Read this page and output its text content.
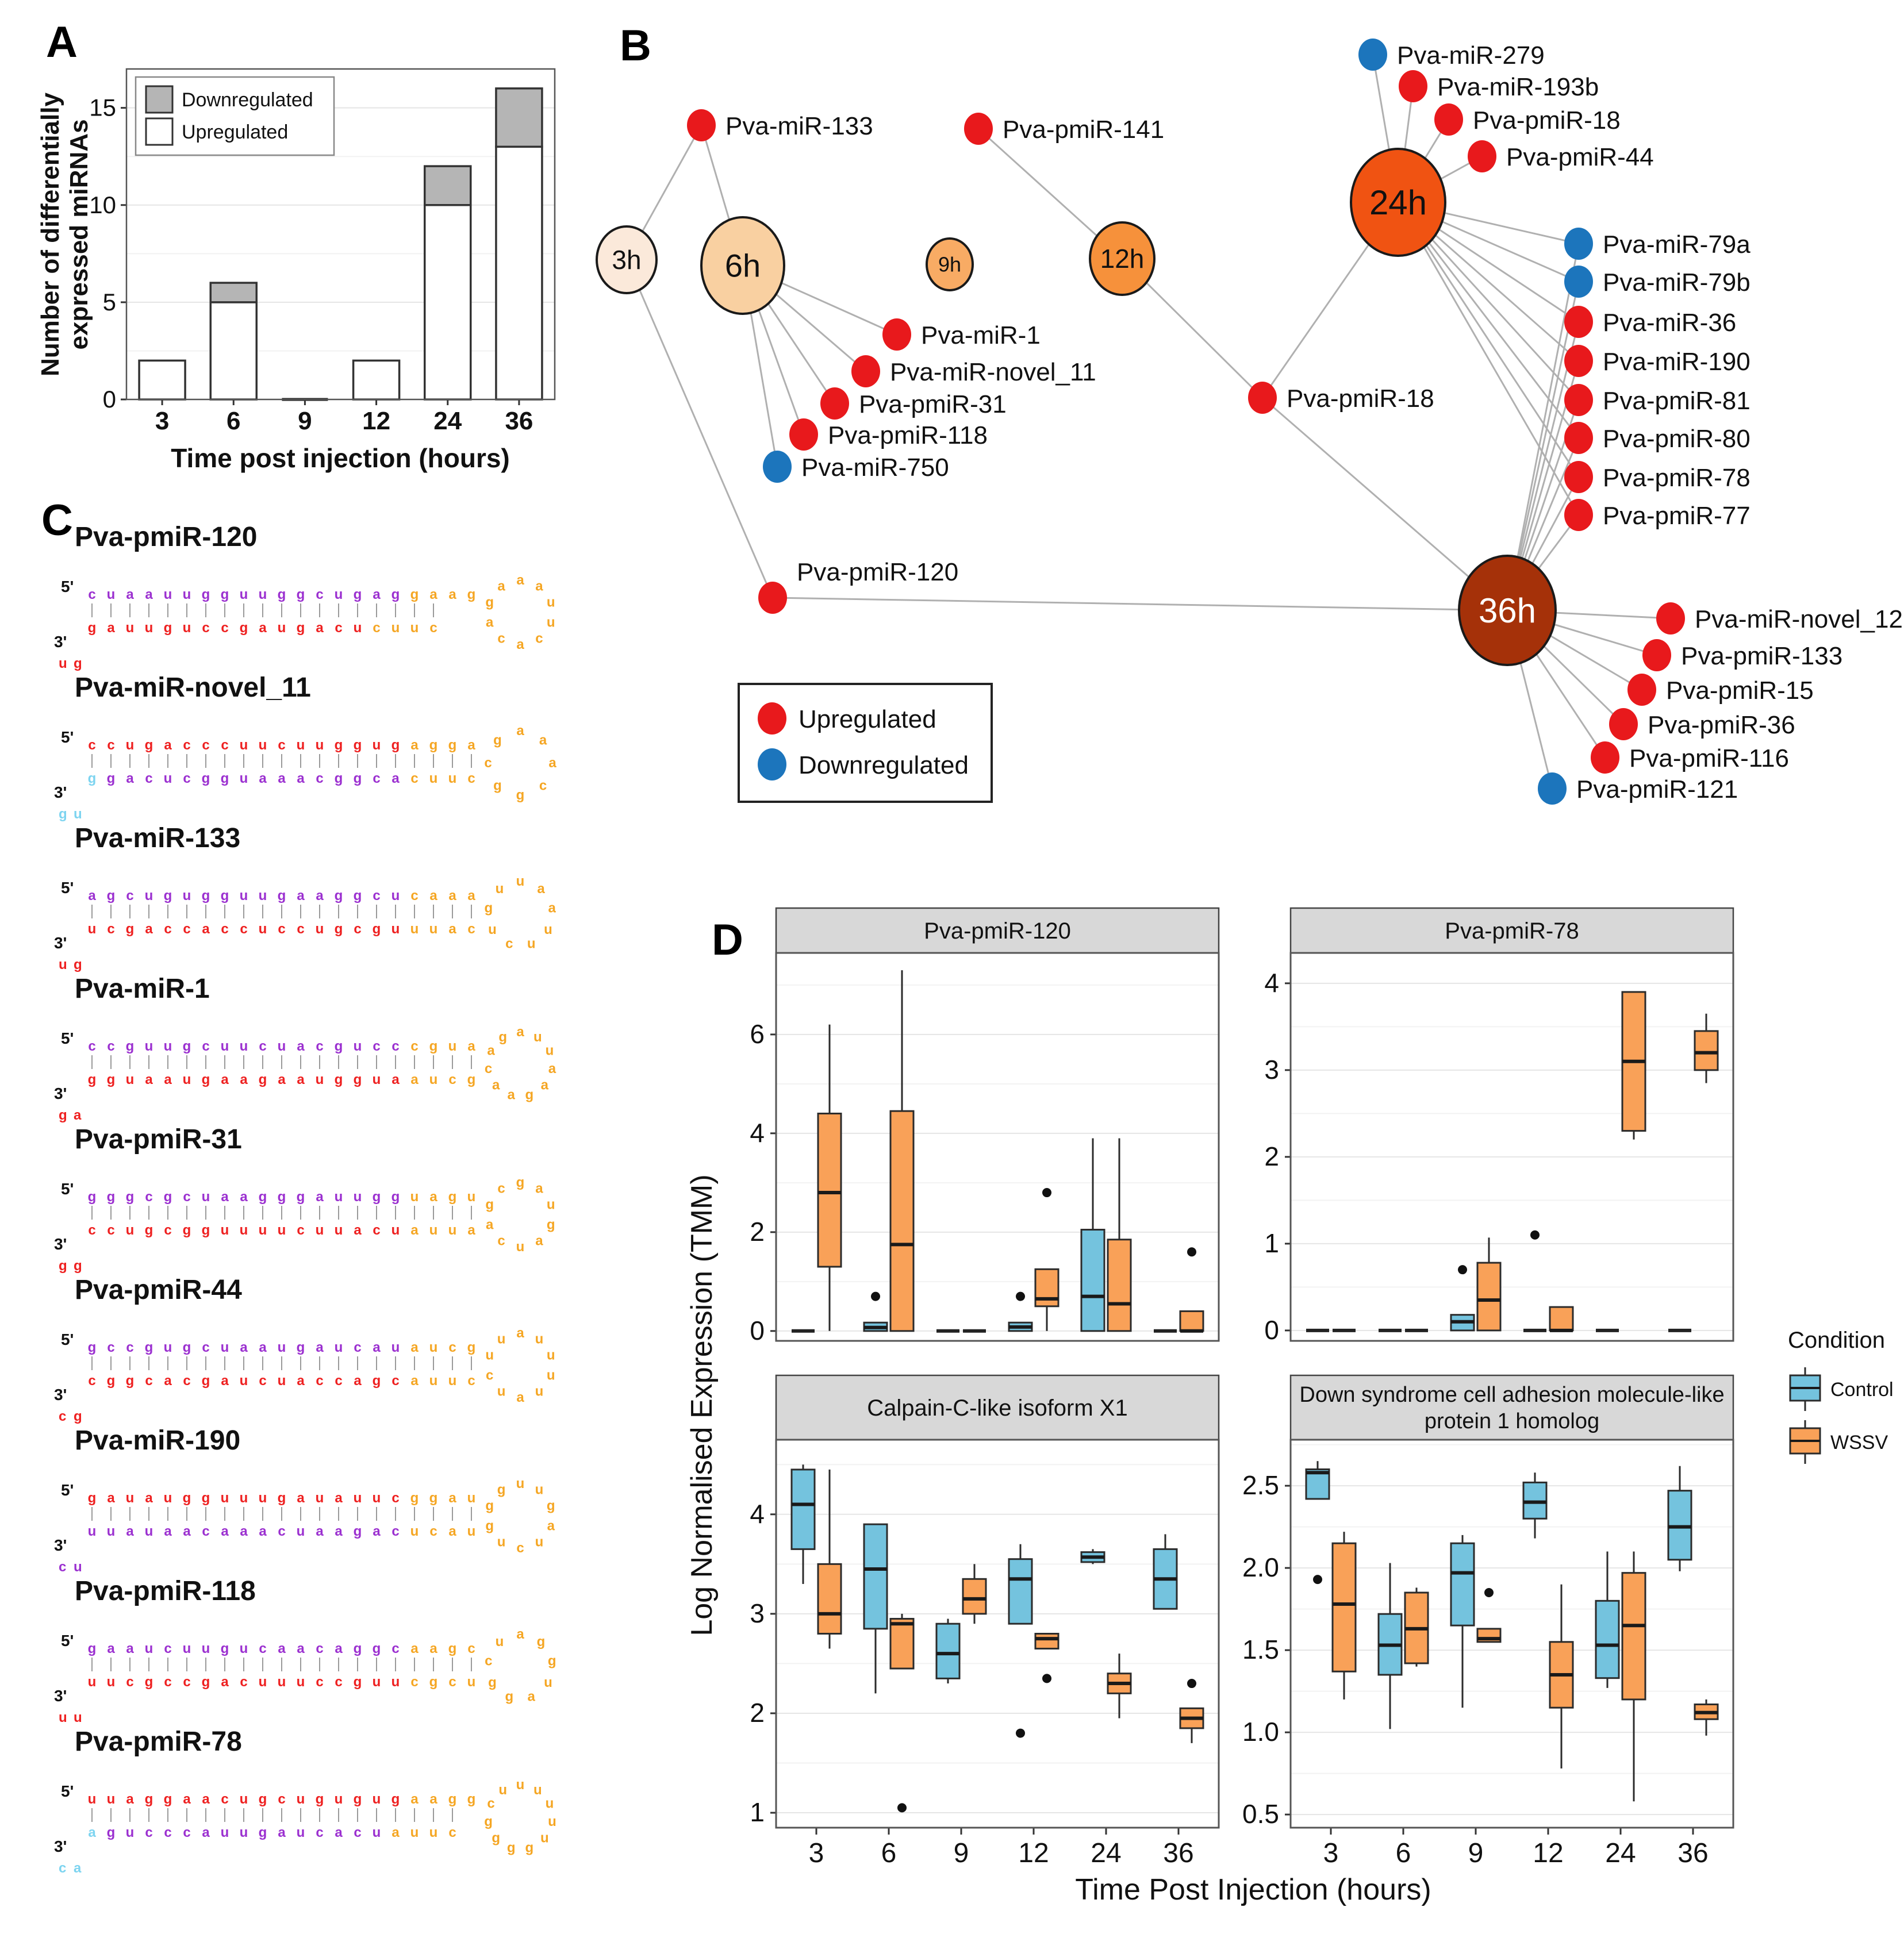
A	B
C
D
0
5
10
15
3 6 9 12 24 36
Downregulated
Upregulated
Time post injection (hours)
Number of differentially expressed miRNAs	Pva-miR-133	Pva-pmiR-141
Pva-miR-279
Pva-miR-193b
Pva-pmiR-18
Pva-pmiR-44
Pva-miR-79a
Pva-miR-79b
Pva-miR-36
Pva-miR-190
Pva-pmiR-81
Pva-pmiR-80
Pva-pmiR-78
Pva-pmiR-77
Pva-pmiR-18
Pva-miR-1
Pva-miR-novel_11
Pva-pmiR-31
Pva-pmiR-118
Pva-miR-750
Pva-pmiR-120
Pva-miR-novel_12
Pva-pmiR-133
Pva-pmiR-15
Pva-pmiR-36
Pva-pmiR-116
Pva-pmiR-121
3h	6h	9h	12h
24h
36h
Upregulated
Downregulated
Pva-pmiR-120
5'
3'
u g
c
g
u
a
a
u
a
u
u
g
u
u
g
c
g
c
u
g
u
a
g
u
g
g
c
a
u
c
g
u
a
c
g
u
g
u
a
c
a g
a a
u
u
c
a
c
a
g
a
Pva-miR-novel_11
5'
3'
g u
c
g
c
g
u
a
g
c
a
u
c
c
c
g
c
g
u
u
u
a
c
a
u
a
u
c
g
g
g
g
u
c
g
a
a
c
g
u
g
u
a
c
a
a
a
c
g
g
c
g
Pva-miR-133
5'
3'
u g
a
u
g
c
c
g
u
a
g
c
u
c
g
a
g
c
u
c
u
u
g
c
a
c
a
u
g
g
g
c
c
g
u
u
c
u
a
u
a
a
a
c
u a
a
u
u
c
u
g
u
Pva-miR-1
5'
3'
g a
c
g
c
g
g
u
u
a
u
a
g
u
c
g
u
a
u
a
c
g
u
a
a
a
c
u
g
g
u
g
c
u
c
a
c
a
g
u
u
c
a
g
a u
u
a
a
g
a
a
c
a
g
Pva-pmiR-31
5'
3'
g g
g
c
g
c
g
u
c
g
g
c
c
g
u
g
a
u
a
u
g
u
g
u
g
c
a
u
u
u
u
a
g
c
g
u
u
a
a
u
g
u
u
a
g a
u
g
a
u
c
a
g
c
Pva-pmiR-44
5'
3'
c g
g
c
c
g
c
g
g
c
u
a
g
c
c
g
u
a
a
u
a
c
u
u
g
a
a
c
u
c
c
a
a
g
u
c
a
a
u
u
c
u
g
c
a u
u
u
u
a
u
c
u
u
Pva-miR-190
5'
3'
c u
g
u
a
u
u
a
a
u
u
a
g
a
g
c
u
a
u
a
u
a
g
c
a
u
u
a
a
a
u
g
u
a
c
c
g
u
g
c
a
a
u
u
u u
g
a
u
c
u
g
g
g
Pva-pmiR-118
5'
3'
u u
g
u
a
u
a
c
u
g
c
c
u
c
u
g
g
a
u
c
c
u
a
u
a
u
c
c
a
c
g
g
g
u
c
u
a
c
a
g
g
c
c
u
a g
g
u
a
g
g
c
u
Pva-pmiR-78
5'
3'
c a
u
a
u
g
a
u
g
c
g
c
a
c
a
a
c
u
u
u
g
g
c
a
u
u
g
c
u
a
g
c
u
u
g
a
a
u
a
u
g
c
g
u u
u
u
u
g
g
g
g
c
u
Pva-pmiR-120
0
2
4
6
Pva-pmiR-78
0
1
2
3
4
Calpain-C-like isoform X1
1
2
3
4
3 6 9 12 24 36
Down syndrome cell adhesion molecule-like
protein 1 homolog
0.5
1.0
1.5
2.0
2.5
3 6 9 12 24 36
Log Normalised Expression (TMM)
Time Post Injection (hours)
Condition
Control
WSSV
